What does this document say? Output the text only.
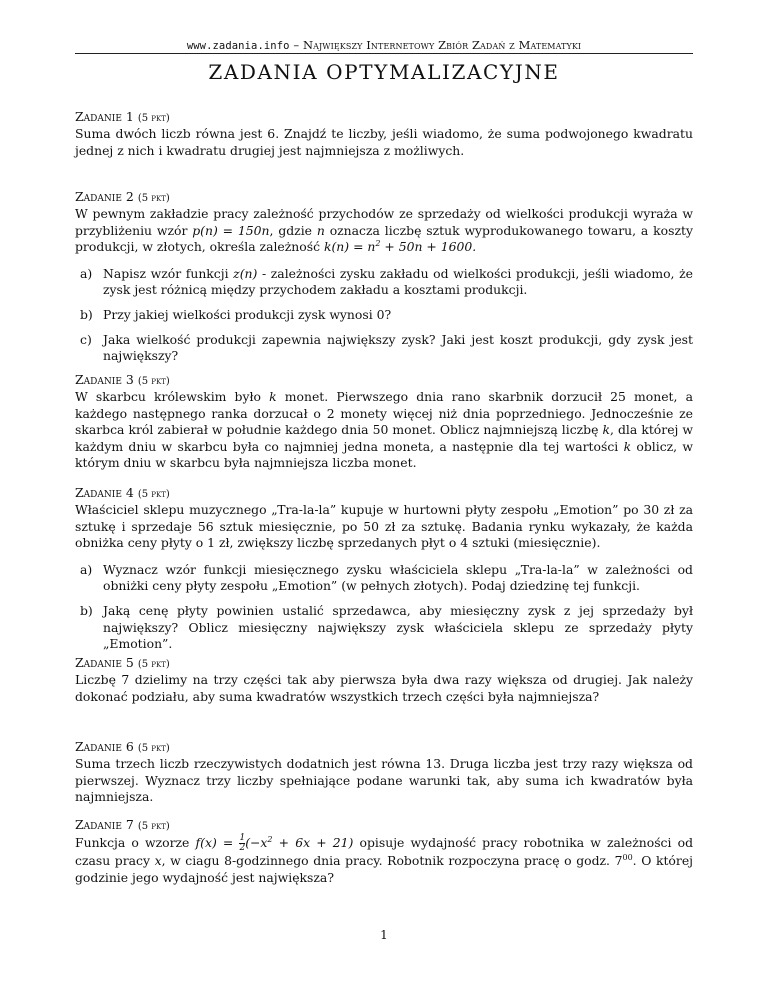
www.zadania.info – Największy Internetowy Zbiór Zadań z Matematyki
ZADANIA OPTYMALIZACYJNE
Zadanie 1 (5 pkt)
Suma dwóch liczb równa jest 6. Znajdź te liczby, jeśli wiadomo, że suma podwojonego kwadratu jednej z nich i kwadratu drugiej jest najmniejsza z możliwych.
Zadanie 2 (5 pkt)
W pewnym zakładzie pracy zależność przychodów ze sprzedaży od wielkości produkcji wyraża w przybliżeniu wzór p(n) = 150n, gdzie n oznacza liczbę sztuk wyprodukowanego towaru, a koszty produkcji, w złotych, określa zależność $k(n) = n^2 + 50n + 1600$.
a) Napisz wzór funkcji z(n) - zależności zysku zakładu od wielkości produkcji, jeśli wiadomo, że zysk jest różnicą między przychodem zakładu a kosztami produkcji.
b) Przy jakiej wielkości produkcji zysk wynosi 0?
c) Jaka wielkość produkcji zapewnia największy zysk? Jaki jest koszt produkcji, gdy zysk jest największy?
Zadanie 3 (5 pkt)
W skarbcu królewskim było k monet. Pierwszego dnia rano skarbnik dorzucił 25 monet, a każdego następnego ranka dorzucał o 2 monety więcej niż dnia poprzedniego. Jednocześnie ze skarbca król zabierał w południe każdego dnia 50 monet. Oblicz najmniejszą liczbę k, dla której w każdym dniu w skarbcu była co najmniej jedna moneta, a następnie dla tej wartości k oblicz, w którym dniu w skarbcu była najmniejsza liczba monet.
Zadanie 4 (5 pkt)
Właściciel sklepu muzycznego „Tra-la-la” kupuje w hurtowni płyty zespołu „Emotion” po 30 zł za sztukę i sprzedaje 56 sztuk miesięcznie, po 50 zł za sztukę. Badania rynku wykazały, że każda obniżka ceny płyty o 1 zł, zwiększy liczbę sprzedanych płyt o 4 sztuki (miesięcznie).
a) Wyznacz wzór funkcji miesięcznego zysku właściciela sklepu „Tra-la-la” w zależności od obniżki ceny płyty zespołu „Emotion” (w pełnych złotych). Podaj dziedzinę tej funkcji.
b) Jaką cenę płyty powinien ustalić sprzedawca, aby miesięczny zysk z jej sprzedaży był największy? Oblicz miesięczny największy zysk właściciela sklepu ze sprzedaży płyty „Emotion”.
Zadanie 5 (5 pkt)
Liczbę 7 dzielimy na trzy części tak aby pierwsza była dwa razy większa od drugiej. Jak należy dokonać podziału, aby suma kwadratów wszystkich trzech części była najmniejsza?
Zadanie 6 (5 pkt)
Suma trzech liczb rzeczywistych dodatnich jest równa 13. Druga liczba jest trzy razy większa od pierwszej. Wyznacz trzy liczby spełniające podane warunki tak, aby suma ich kwadratów była najmniejsza.
Zadanie 7 (5 pkt)
Funkcja o wzorze $f(x) = \frac{1}{2} (-x^2 + 6x + 21)$ opisuje wydajność pracy robotnika w zależności od czasu pracy x, w ciagu 8-godzinnego dnia pracy. Robotnik rozpoczyna pracę o godz. $7^{00}$. O której godzinie jego wydajność jest największa?
1
